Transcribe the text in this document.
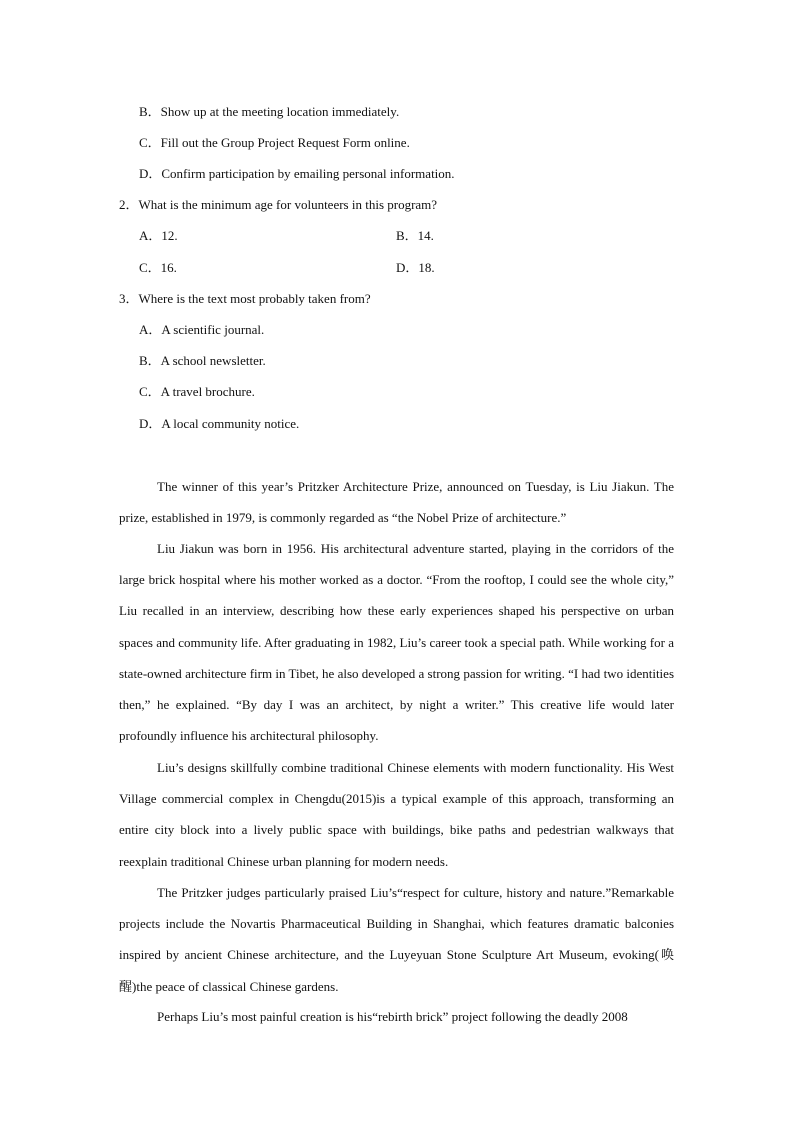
B．Show up at the meeting location immediately.
C．Fill out the Group Project Request Form online.
D．Confirm participation by emailing personal information.
2．What is the minimum age for volunteers in this program?
A．12.	B．14.
C．16.	D．18.
3．Where is the text most probably taken from?
A．A scientific journal.
B．A school newsletter.
C．A travel brochure.
D．A local community notice.
The winner of this year’s Pritzker Architecture Prize, announced on Tuesday, is Liu Jiakun. The prize, established in 1979, is commonly regarded as “the Nobel Prize of architecture.”
Liu Jiakun was born in 1956. His architectural adventure started, playing in the corridors of the large brick hospital where his mother worked as a doctor. “From the rooftop, I could see the whole city,” Liu recalled in an interview, describing how these early experiences shaped his perspective on urban spaces and community life. After graduating in 1982, Liu’s career took a special path. While working for a state-owned architecture firm in Tibet, he also developed a strong passion for writing. “I had two identities then,” he explained. “By day I was an architect, by night a writer.” This creative life would later profoundly influence his architectural philosophy.
Liu’s designs skillfully combine traditional Chinese elements with modern functionality. His West Village commercial complex in Chengdu(2015)is a typical example of this approach, transforming an entire city block into a lively public space with buildings, bike paths and pedestrian walkways that reexplain traditional Chinese urban planning for modern needs.
The Pritzker judges particularly praised Liu’s“respect for culture, history and nature.”Remarkable projects include the Novartis Pharmaceutical Building in Shanghai, which features dramatic balconies inspired by ancient Chinese architecture, and the Luyeyuan Stone Sculpture Art Museum, evoking(唤醒)the peace of classical Chinese gardens.
Perhaps Liu’s most painful creation is his“rebirth brick” project following the deadly 2008
